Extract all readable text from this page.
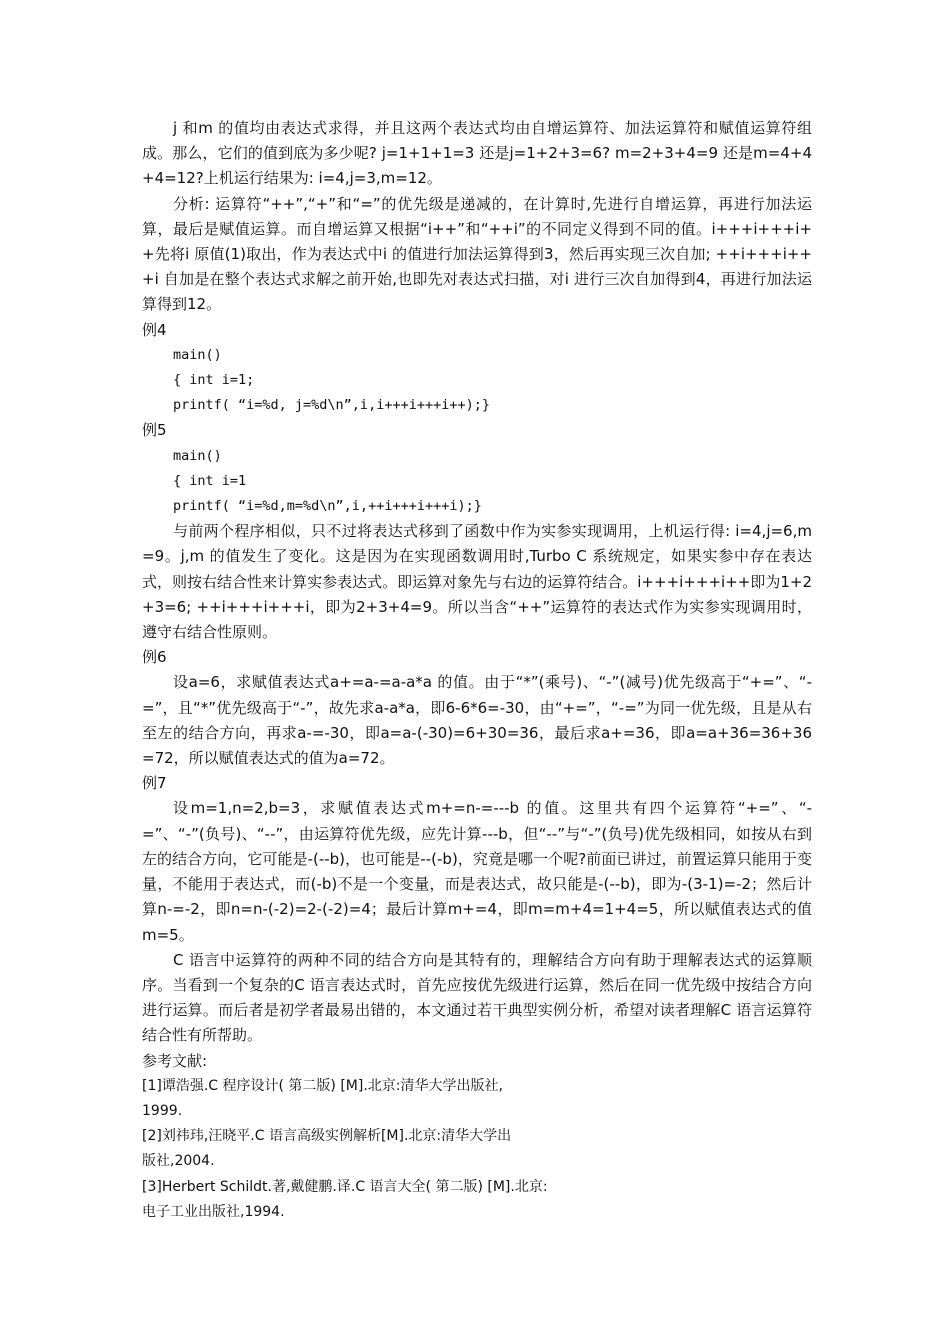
j 和m 的值均由表达式求得，并且这两个表达式均由自增运算符、加法运算符和赋值运算符组成。那么，它们的值到底为多少呢? j=1+1+1=3 还是j=1+2+3=6? m=2+3+4=9 还是m=4+4+4=12?上机运行结果为: i=4,j=3,m=12。

分析: 运算符“++”,“+”和“=”的优先级是递减的，在计算时,先进行自增运算，再进行加法运算，最后是赋值运算。而自增运算又根据“i++”和“++i”的不同定义得到不同的值。i+++i+++i++先将i 原值(1)取出，作为表达式中i 的值进行加法运算得到3，然后再实现三次自加; ++i+++i+++i 自加是在整个表达式求解之前开始,也即先对表达式扫描，对i 进行三次自加得到4，再进行加法运算得到12。

例4

main()

{ int i=1;

printf( “i=%d, j=%d\n”,i,i+++i+++i++);}

例5

main()

{ int i=1

printf( “i=%d,m=%d\n”,i,++i+++i+++i);}

与前两个程序相似，只不过将表达式移到了函数中作为实参实现调用，上机运行得: i=4,j=6,m=9。j,m 的值发生了变化。这是因为在实现函数调用时,Turbo C 系统规定，如果实参中存在表达式，则按右结合性来计算实参表达式。即运算对象先与右边的运算符结合。i+++i+++i++即为1+2+3=6; ++i+++i+++i，即为2+3+4=9。所以当含“++”运算符的表达式作为实参实现调用时，遵守右结合性原则。

例6

设a=6，求赋值表达式a+=a-=a-a*a 的值。由于“*”(乘号)、“-”(减号)优先级高于“+=”、“-=”，且“*”优先级高于“-”，故先求a-a*a，即6-6*6=-30，由“+=”，“-=”为同一优先级，且是从右至左的结合方向，再求a-=-30，即a=a-(-30)=6+30=36，最后求a+=36，即a=a+36=36+36=72，所以赋值表达式的值为a=72。

例7

设m=1,n=2,b=3，求赋值表达式m+=n-=---b 的值。这里共有四个运算符“+=”、“-=”、“-”(负号)、“--”，由运算符优先级，应先计算---b，但“--”与“-”(负号)优先级相同，如按从右到左的结合方向，它可能是-(--b)，也可能是--(-b)，究竟是哪一个呢?前面已讲过，前置运算只能用于变量，不能用于表达式，而(-b)不是一个变量，而是表达式，故只能是-(--b)，即为-(3-1)=-2；然后计算n-=-2，即n=n-(-2)=2-(-2)=4；最后计算m+=4，即m=m+4=1+4=5，所以赋值表达式的值m=5。

C 语言中运算符的两种不同的结合方向是其特有的，理解结合方向有助于理解表达式的运算顺序。当看到一个复杂的C 语言表达式时，首先应按优先级进行运算，然后在同一优先级中按结合方向进行运算。而后者是初学者最易出错的，本文通过若干典型实例分析，希望对读者理解C 语言运算符结合性有所帮助。

参考文献:

[1]谭浩强.C 程序设计( 第二版) [M].北京:清华大学出版社,

1999.

[2]刘祎玮,汪晓平.C 语言高级实例解析[M].北京:清华大学出

版社,2004.

[3]Herbert Schildt.著,戴健鹏.译.C 语言大全( 第二版) [M].北京:

电子工业出版社,1994.
